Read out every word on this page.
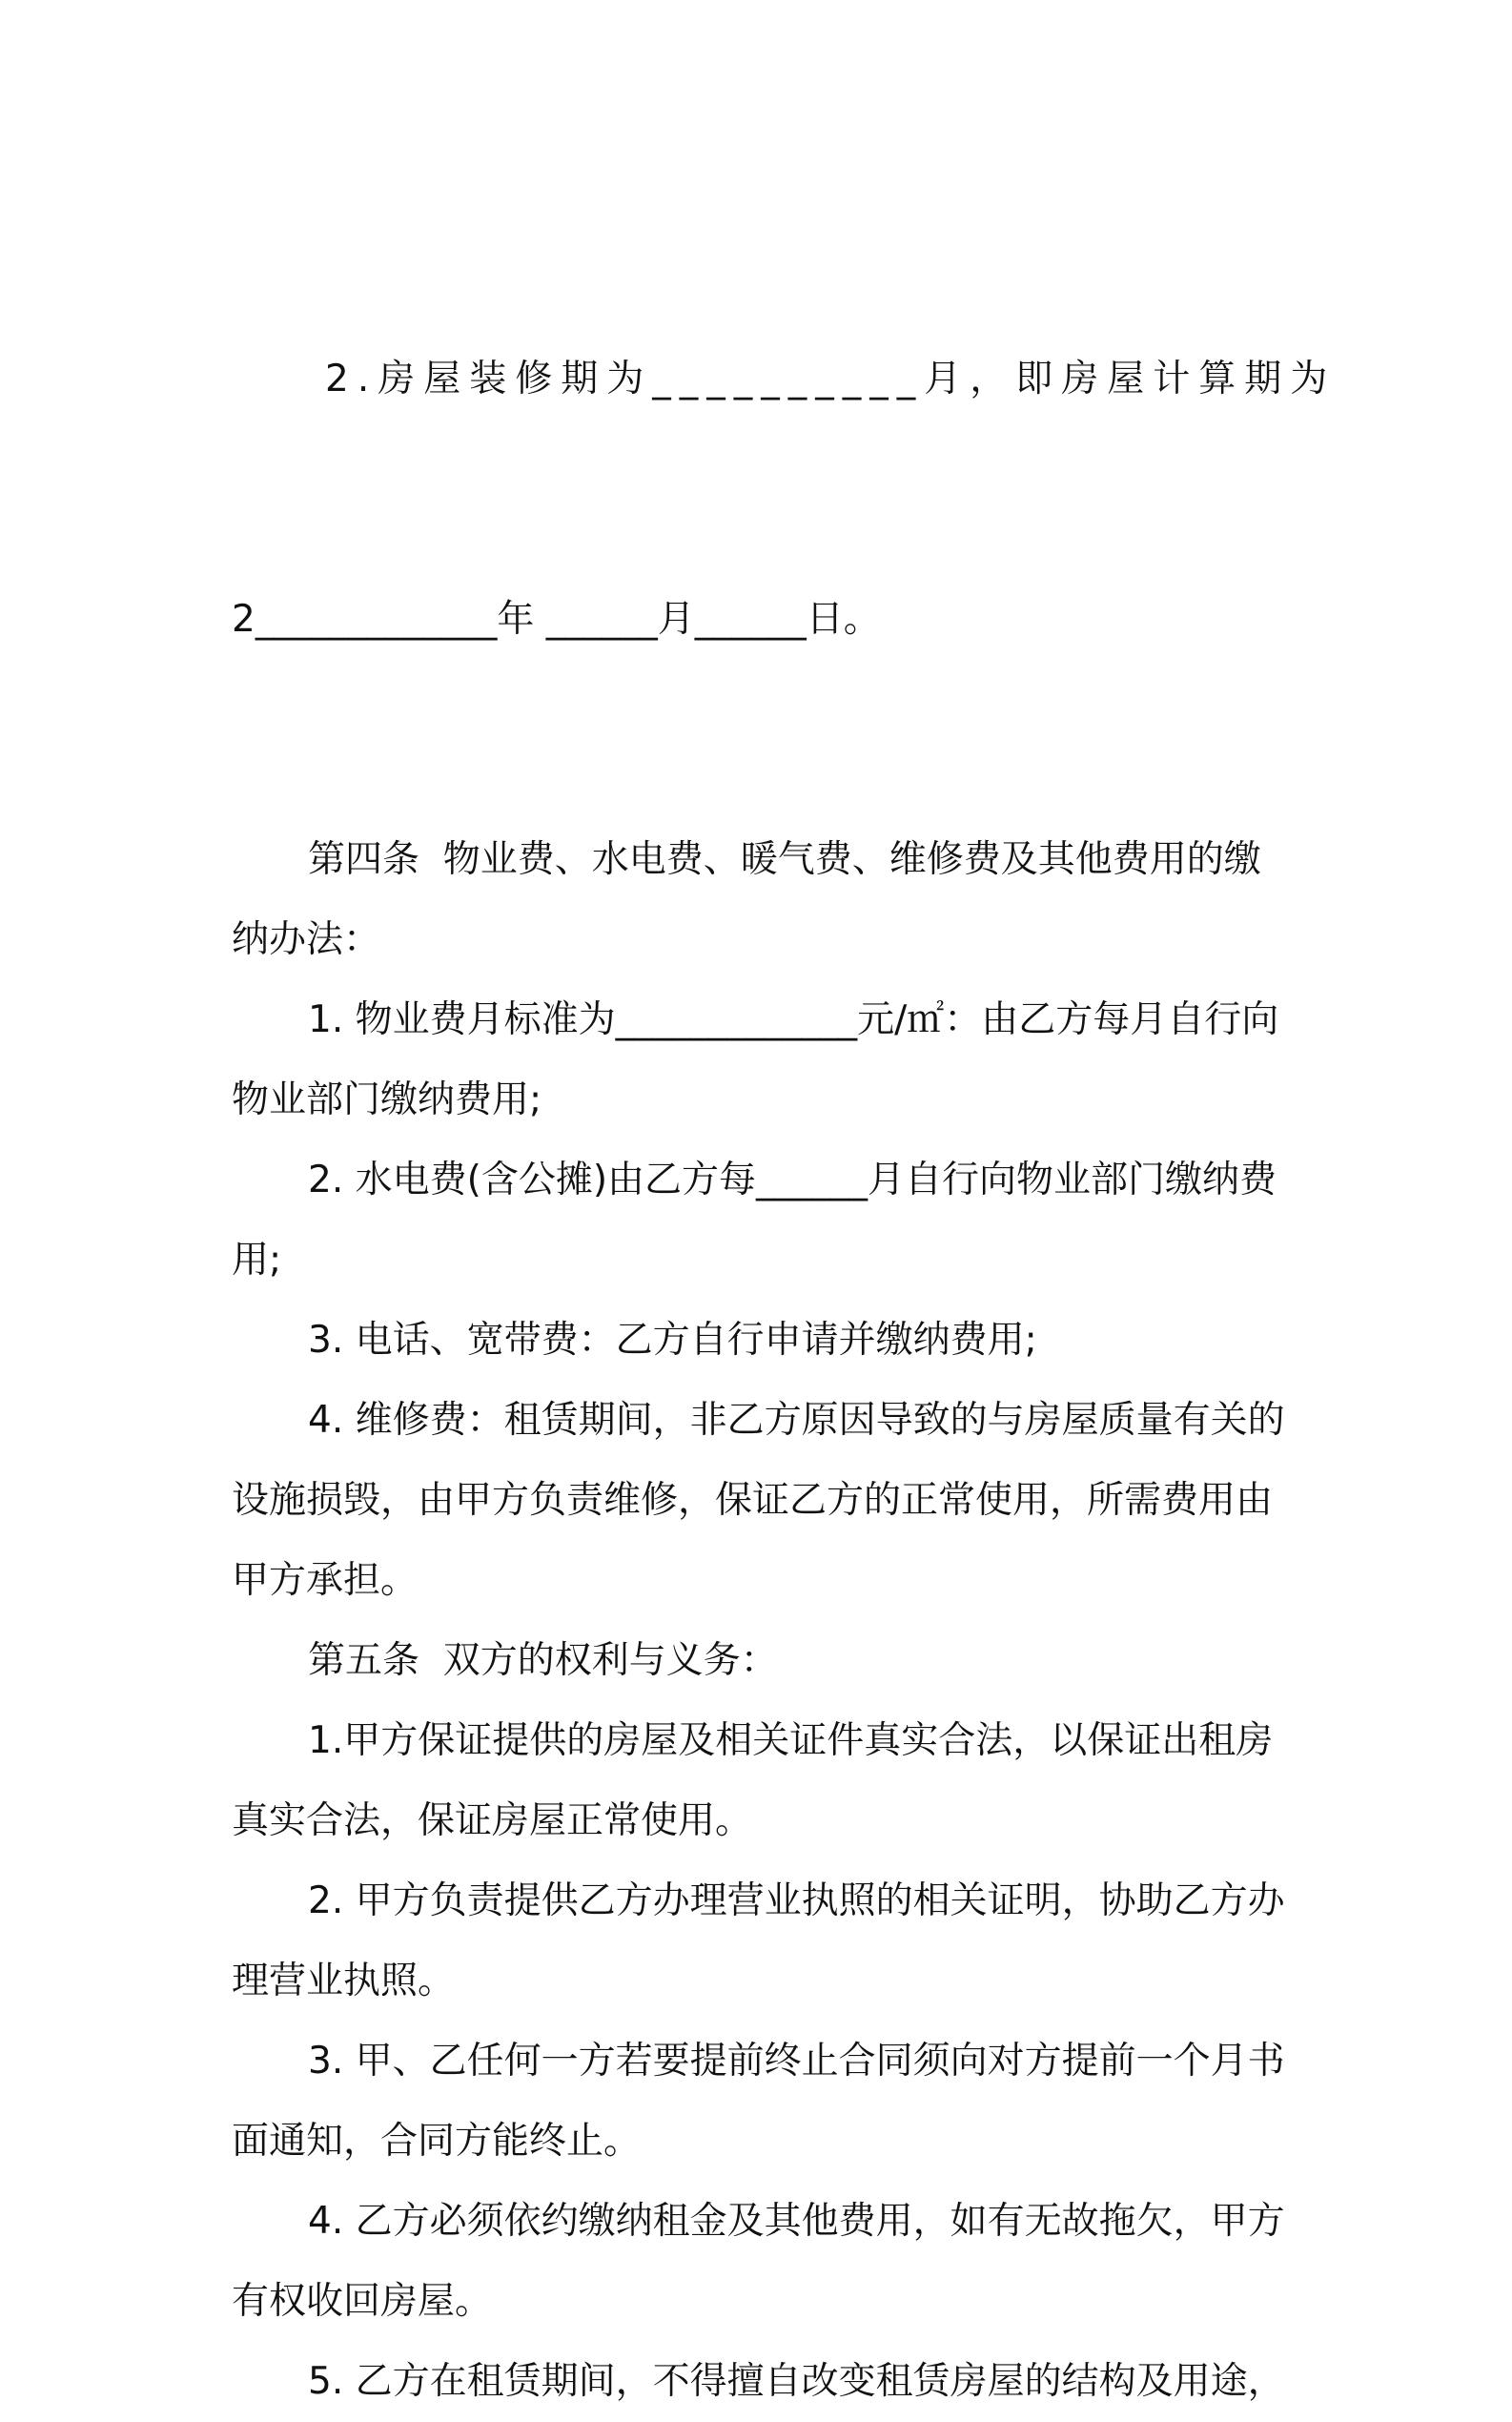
2.房屋装修期为__________月，即房屋计算期为

2_____________年 ______月______日。

第四条  物业费、水电费、暖气费、维修费及其他费用的缴纳办法：

1. 物业费月标准为_____________元/㎡：由乙方每月自行向物业部门缴纳费用;

2. 水电费(含公摊)由乙方每______月自行向物业部门缴纳费用;

3. 电话、宽带费：乙方自行申请并缴纳费用;

4. 维修费：租赁期间，非乙方原因导致的与房屋质量有关的设施损毁，由甲方负责维修，保证乙方的正常使用，所需费用由甲方承担。

第五条  双方的权利与义务：

1.甲方保证提供的房屋及相关证件真实合法，以保证出租房真实合法，保证房屋正常使用。

2. 甲方负责提供乙方办理营业执照的相关证明，协助乙方办理营业执照。

3. 甲、乙任何一方若要提前终止合同须向对方提前一个月书面通知，合同方能终止。

4. 乙方必须依约缴纳租金及其他费用，如有无故拖欠，甲方有权收回房屋。

5. 乙方在租赁期间，不得擅自改变租赁房屋的结构及用途，
